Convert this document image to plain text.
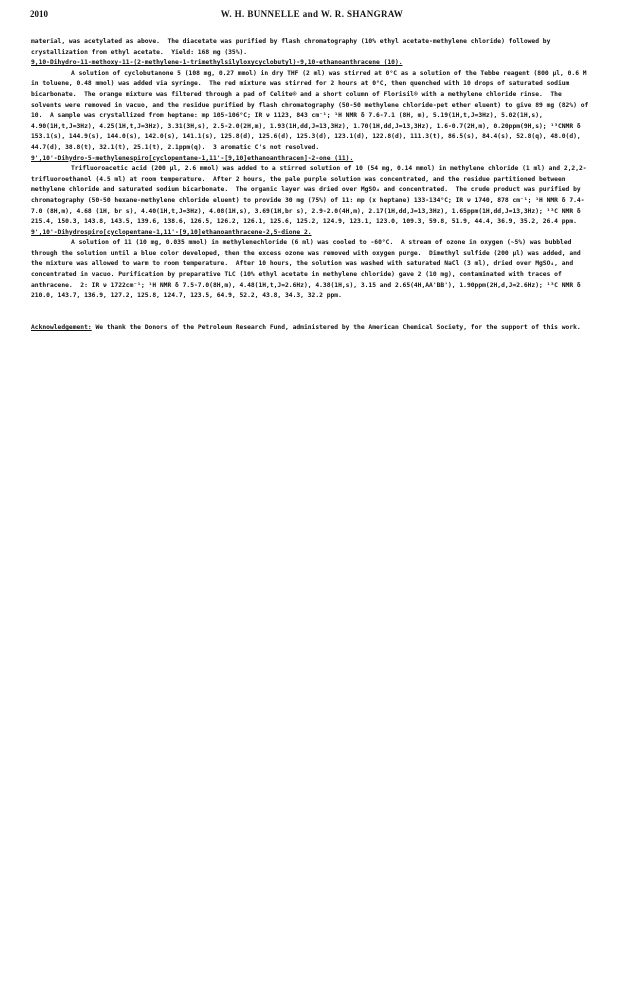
2010	W. H. BUNNELLE and W. R. SHANGRAW

material, was acetylated as above.  The diacetate was purified by flash chromatography (10% ethyl acetate-methylene chloride) followed by crystallization from ethyl acetate.  Yield: 168 mg (35%).

9,10-Dihydro-11-methoxy-11-(2-methylene-1-trimethylsilyloxycyclobutyl)-9,10-ethanoanthracene (10).

A solution of cyclobutanone 5 (108 mg, 0.27 mmol) in dry THF (2 ml) was stirred at 0°C as a solution of the Tebbe reagent (800 µl, 0.6 M in toluene, 0.48 mmol) was added via syringe.  The red mixture was stirred for 2 hours at 0°C, then quenched with 10 drops of saturated sodium bicarbonate.  The orange mixture was filtered through a pad of Celite® and a short column of Florisil® with a methylene chloride rinse.  The solvents were removed in vacuo, and the residue purified by flash chromatography (50-50 methylene chloride-pet ether eluent) to give 89 mg (82%) of 10.  A sample was crystallized from heptane: mp 105-106°C; IR ν 1123, 843 cm⁻¹; ¹H NMR δ 7.6-7.1 (8H, m), 5.19(1H,t,J=3Hz), 5.02(1H,s), 4.90(1H,t,J=3Hz), 4.25(1H,t,J=3Hz), 3.31(3H,s), 2.5-2.0(2H,m), 1.93(1H,dd,J=13,3Hz), 1.70(1H,dd,J=13,3Hz), 1.6-0.7(2H,m), 0.20ppm(9H,s); ¹³CNMR δ 153.1(s), 144.9(s), 144.0(s), 142.0(s), 141.1(s), 125.8(d), 125.6(d), 125.3(d), 123.1(d), 122.8(d), 111.3(t), 86.5(s), 84.4(s), 52.8(q), 48.0(d), 44.7(d), 38.8(t), 32.1(t), 25.1(t), 2.1ppm(q).  3 aromatic C's not resolved.

9',10'-Dihydro-5-methylenespiro[cyclopentane-1,11'-[9,10]ethanoanthracen]-2-one (11).

Trifluoroacetic acid (200 µl, 2.6 mmol) was added to a stirred solution of 10 (54 mg, 0.14 mmol) in methylene chloride (1 ml) and 2,2,2-trifluoroethanol (4.5 ml) at room temperature.  After 2 hours, the pale purple solution was concentrated, and the residue partitioned between methylene chloride and saturated sodium bicarbonate.  The organic layer was dried over MgSO₄ and concentrated.  The crude product was purified by chromatography (50-50 hexane-methylene chloride eluent) to provide 30 mg (75%) of 11: mp (x heptane) 133-134°C; IR ν 1740, 878 cm⁻¹; ¹H NMR δ 7.4-7.0 (8H,m), 4.68 (1H, br s), 4.40(1H,t,J=3Hz), 4.08(1H,s), 3.69(1H,br s), 2.9-2.0(4H,m), 2.17(1H,dd,J=13,3Hz), 1.65ppm(1H,dd,J=13,3Hz); ¹³C NMR δ 215.4, 150.3, 143.8, 143.5, 139.6, 138.6, 126.5, 126.2, 126.1, 125.6, 125.2, 124.9, 123.1, 123.0, 109.3, 59.8, 51.9, 44.4, 36.9, 35.2, 26.4 ppm.

9',10'-Dihydrospiro[cyclopentane-1,11'-[9,10]ethanoanthracene-2,5-dione 2.

A solution of 11 (10 mg, 0.035 mmol) in methylenechloride (6 ml) was cooled to -60°C.  A stream of ozone in oxygen (~5%) was bubbled through the solution until a blue color developed, then the excess ozone was removed with oxygen purge.  Dimethyl sulfide (200 µl) was added, and the mixture was allowed to warm to room temperature.  After 10 hours, the solution was washed with saturated NaCl (3 ml), dried over MgSO₄, and concentrated in vacuo. Purification by preparative TLC (10% ethyl acetate in methylene chloride) gave 2 (10 mg), contaminated with traces of anthracene.  2: IR ν 1722cm⁻¹; ¹H NMR δ 7.5-7.0(8H,m), 4.48(1H,t,J=2.6Hz), 4.38(1H,s), 3.15 and 2.65(4H,AA'BB'), 1.90ppm(2H,d,J=2.6Hz); ¹³C NMR δ 210.0, 143.7, 136.9, 127.2, 125.8, 124.7, 123.5, 64.9, 52.2, 43.8, 34.3, 32.2 ppm.

Acknowledgement: We thank the Donors of the Petroleum Research Fund, administered by the American Chemical Society, for the support of this work.
